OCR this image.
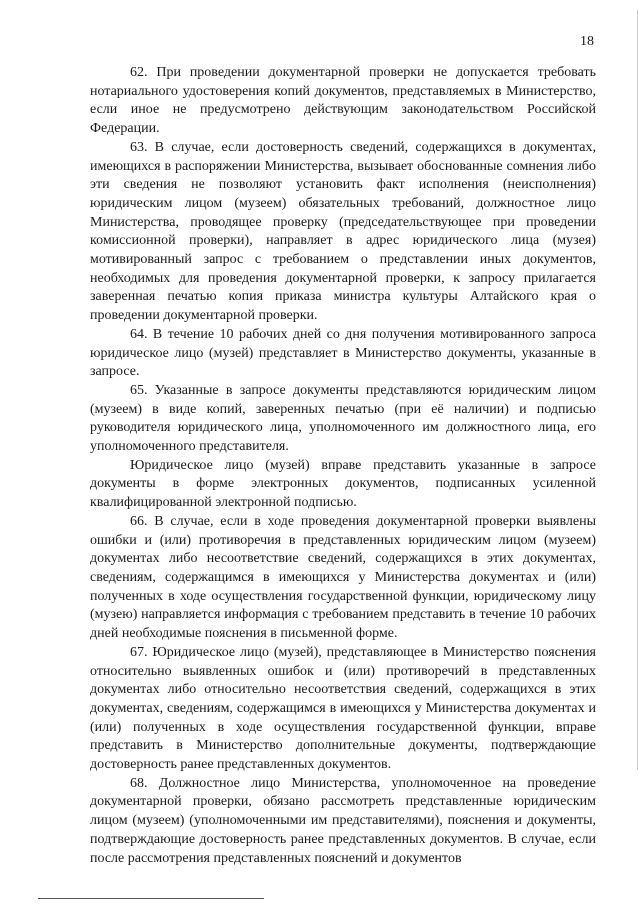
18

62. При проведении документарной проверки не допускается требовать нотариального удостоверения копий документов, представляемых в Министерство, если иное не предусмотрено действующим законодательством Российской Федерации.

63. В случае, если достоверность сведений, содержащихся в документах, имеющихся в распоряжении Министерства, вызывает обоснованные сомнения либо эти сведения не позволяют установить факт исполнения (неисполнения) юридическим лицом (музеем) обязательных требований, должностное лицо Министерства, проводящее проверку (председательствующее при проведении комиссионной проверки), направляет в адрес юридического лица (музея) мотивированный запрос с требованием о представлении иных документов, необходимых для проведения документарной проверки, к запросу прилагается заверенная печатью копия приказа министра культуры Алтайского края о проведении документарной проверки.

64. В течение 10 рабочих дней со дня получения мотивированного запроса юридическое лицо (музей) представляет в Министерство документы, указанные в запросе.

65. Указанные в запросе документы представляются юридическим лицом (музеем) в виде копий, заверенных печатью (при её наличии) и подписью руководителя юридического лица, уполномоченного им должностного лица, его уполномоченного представителя.

Юридическое лицо (музей) вправе представить указанные в запросе документы в форме электронных документов, подписанных усиленной квалифицированной электронной подписью.

66. В случае, если в ходе проведения документарной проверки выявлены ошибки и (или) противоречия в представленных юридическим лицом (музеем) документах либо несоответствие сведений, содержащихся в этих документах, сведениям, содержащимся в имеющихся у Министерства документах и (или) полученных в ходе осуществления государственной функции, юридическому лицу (музею) направляется информация с требованием представить в течение 10 рабочих дней необходимые пояснения в письменной форме.

67. Юридическое лицо (музей), представляющее в Министерство пояснения относительно выявленных ошибок и (или) противоречий в представленных документах либо относительно несоответствия сведений, содержащихся в этих документах, сведениям, содержащимся в имеющихся у Министерства документах и (или) полученных в ходе осуществления государственной функции, вправе представить в Министерство дополнительные документы, подтверждающие достоверность ранее представленных документов.

68. Должностное лицо Министерства, уполномоченное на проведение документарной проверки, обязано рассмотреть представленные юридическим лицом (музеем) (уполномоченными им представителями), пояснения и документы, подтверждающие достоверность ранее представленных документов. В случае, если после рассмотрения представленных пояснений и документов
